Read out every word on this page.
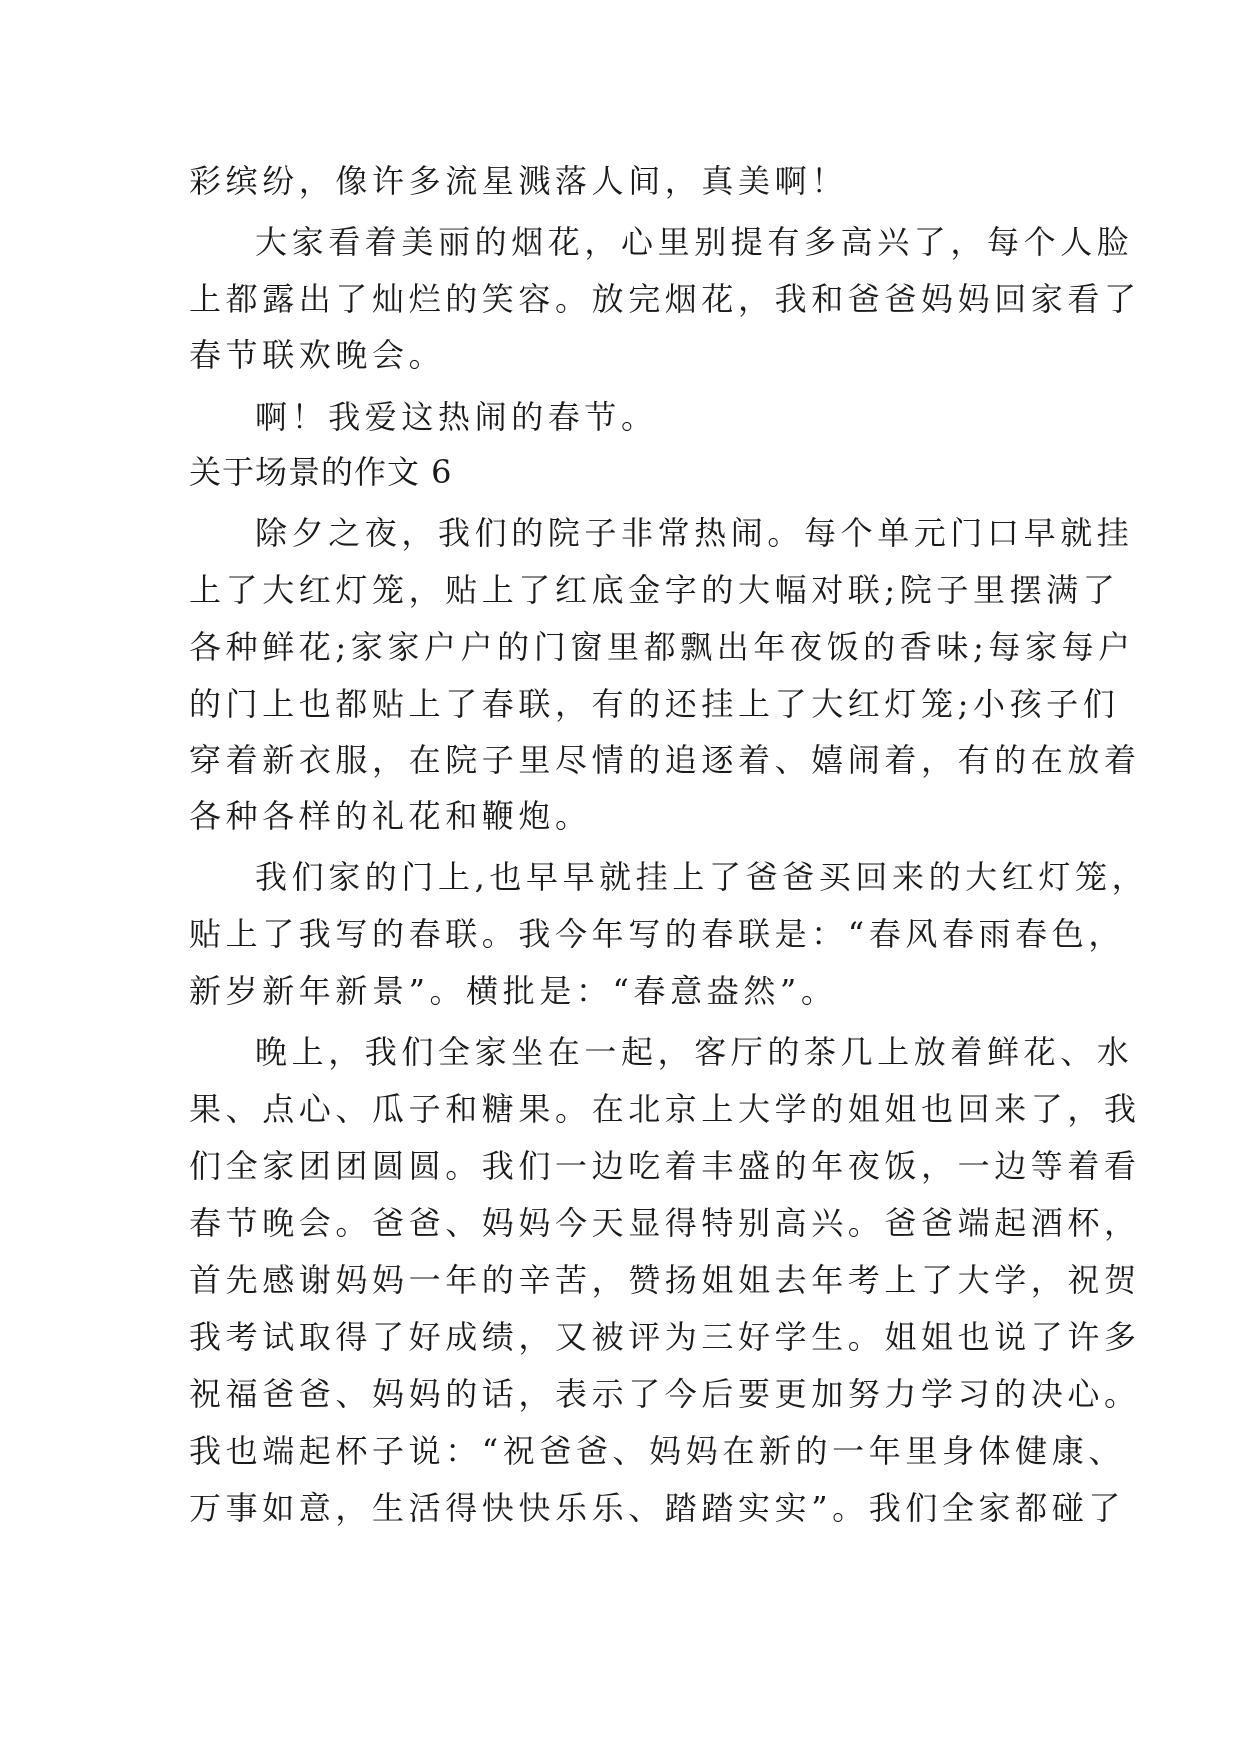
彩缤纷，像许多流星溅落人间，真美啊！

大家看着美丽的烟花，心里别提有多高兴了，每个人脸

上都露出了灿烂的笑容。放完烟花，我和爸爸妈妈回家看了

春节联欢晚会。

啊！我爱这热闹的春节。

关于场景的作文 6

除夕之夜，我们的院子非常热闹。每个单元门口早就挂

上了大红灯笼，贴上了红底金字的大幅对联;院子里摆满了

各种鲜花;家家户户的门窗里都飘出年夜饭的香味;每家每户

的门上也都贴上了春联，有的还挂上了大红灯笼;小孩子们

穿着新衣服，在院子里尽情的追逐着、嬉闹着，有的在放着

各种各样的礼花和鞭炮。

我们家的门上,也早早就挂上了爸爸买回来的大红灯笼，

贴上了我写的春联。我今年写的春联是：“春风春雨春色，

新岁新年新景”。横批是：“春意盎然”。

晚上，我们全家坐在一起，客厅的茶几上放着鲜花、水

果、点心、瓜子和糖果。在北京上大学的姐姐也回来了，我

们全家团团圆圆。我们一边吃着丰盛的年夜饭，一边等着看

春节晚会。爸爸、妈妈今天显得特别高兴。爸爸端起酒杯，

首先感谢妈妈一年的辛苦，赞扬姐姐去年考上了大学，祝贺

我考试取得了好成绩，又被评为三好学生。姐姐也说了许多

祝福爸爸、妈妈的话，表示了今后要更加努力学习的决心。

我也端起杯子说：“祝爸爸、妈妈在新的一年里身体健康、

万事如意，生活得快快乐乐、踏踏实实”。我们全家都碰了
